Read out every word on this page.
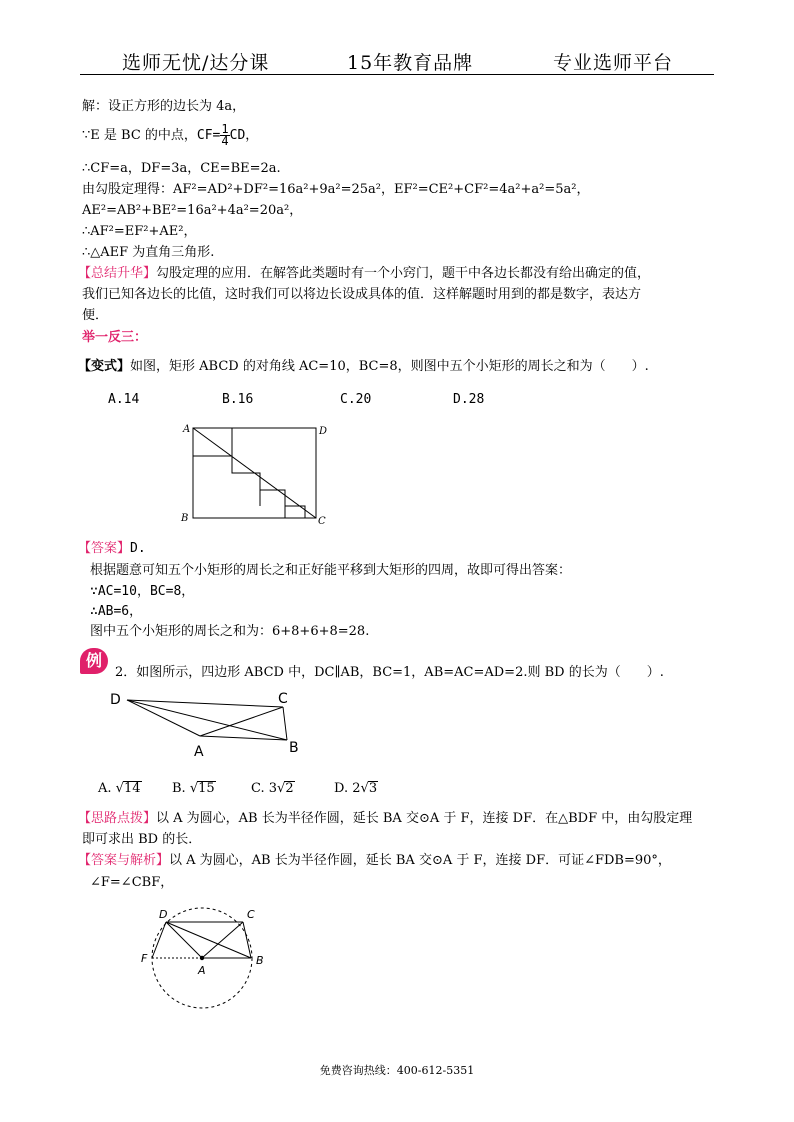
选师无忧/达分课	15年教育品牌	专业选师平台
解：设正方形的边长为 4a，
∵E 是 BC 的中点，$CF= \frac{1}{4}$ CD，
∴CF=a，DF=3a，CE=BE=2a.
由勾股定理得：AF²=AD²+DF²=16a²+9a²=25a²，EF²=CE²+CF²=4a²+a²=5a²，
AE²=AB²+BE²=16a²+4a²=20a²，
∴AF²=EF²+AE²，
∴△AEF 为直角三角形.
【总结升华】勾股定理的应用．在解答此类题时有一个小窍门，题干中各边长都没有给出确定的值，
我们已知各边长的比值，这时我们可以将边长设成具体的值．这样解题时用到的都是数字，表达方
便．
举一反三：
【变式】如图，矩形 ABCD 的对角线 AC=10，BC=8，则图中五个小矩形的周长之和为（　　）.
A.14	B.16	C.20	D.28
A	D
B	C
【答案】D.
根据题意可知五个小矩形的周长之和正好能平移到大矩形的四周，故即可得出答案：
∵AC=10，BC=8，
∴AB=6，
图中五个小矩形的周长之和为：6+8+6+8=28.
例
2．如图所示，四边形 ABCD 中，DC∥AB，BC=1，AB=AC=AD=2.则 BD 的长为（　　）.
D	C
A	B
A. √14 B. √15	C. 3√2	D. 2√3
【思路点拨】以 A 为圆心，AB 长为半径作圆，延长 BA 交⊙A 于 F，连接 DF．在△BDF 中，由勾股定理
即可求出 BD 的长．
【答案与解析】以 A 为圆心，AB 长为半径作圆，延长 BA 交⊙A 于 F，连接 DF．可证∠FDB=90°，
∠F=∠CBF，
D	C
F
A
B
免费咨询热线：400-612-5351
